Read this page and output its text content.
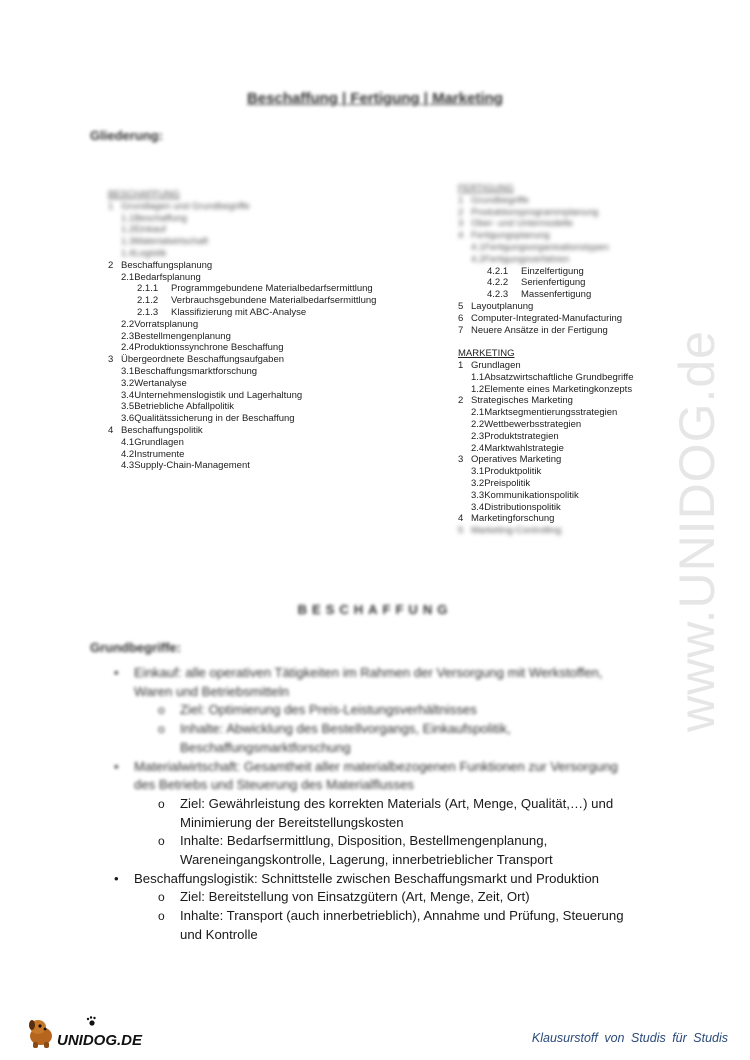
Beschaffung | Fertigung | Marketing
Gliederung:
BESCHAFFUNG
1 Grundlagen und Grundbegriffe
1.1Beschaffung
1.2Einkauf
1.3Materialwirtschaft
1.4Logistik
2 Beschaffungsplanung
2.1Bedarfsplanung
2.1.1 Programmgebundene Materialbedarfsermittlung
2.1.2 Verbrauchsgebundene Materialbedarfsermittlung
2.1.3 Klassifizierung mit ABC-Analyse
2.2Vorratsplanung
2.3Bestellmengenplanung
2.4Produktionssynchrone Beschaffung
3 Übergeordnete Beschaffungsaufgaben
3.1Beschaffungsmarktforschung
3.2Wertanalyse
3.4Unternehmenslogistik und Lagerhaltung
3.5Betriebliche Abfallpolitik
3.6Qualitätssicherung in der Beschaffung
4 Beschaffungspolitik
4.1Grundlagen
4.2Instrumente
4.3Supply-Chain-Management
FERTIGUNG
1 Grundbegriffe
2 Produktionsprogrammplanung
3 Ober- und Untermodelle
4 Fertigungsplanung
4.1Fertigungsorganisationstypen
4.2Fertigungsverfahren
4.2.1 Einzelfertigung
4.2.2 Serienfertigung
4.2.3 Massenfertigung
5 Layoutplanung
6 Computer-Integrated-Manufacturing
7 Neuere Ansätze in der Fertigung

MARKETING
1 Grundlagen
1.1Absatzwirtschaftliche Grundbegriffe
1.2Elemente eines Marketingkonzepts
2 Strategisches Marketing
2.1Marktsegmentierungsstrategien
2.2Wettbewerbsstrategien
2.3Produktstrategien
2.4Marktwahlstrategie
3 Operatives Marketing
3.1Produktpolitik
3.2Preispolitik
3.3Kommunikationspolitik
3.4Distributionspolitik
4 Marketingforschung
5 Marketing-Controlling
BESCHAFFUNG
Grundbegriffe:
• Einkauf: alle operativen Tätigkeiten im Rahmen der Versorgung mit Werkstoffen,
Waren und Betriebsmitteln
o Ziel: Optimierung des Preis-Leistungsverhältnisses
o Inhalte: Abwicklung des Bestellvorgangs, Einkaufspolitik,
Beschaffungsmarktforschung
• Materialwirtschaft: Gesamtheit aller materialbezogenen Funktionen zur Versorgung
des Betriebs und Steuerung des Materialflusses
o Ziel: Gewährleistung des korrekten Materials (Art, Menge, Qualität,…) und
Minimierung der Bereitstellungskosten
o Inhalte: Bedarfsermittlung, Disposition, Bestellmengenplanung,
Wareneingangskontrolle, Lagerung, innerbetrieblicher Transport
• Beschaffungslogistik: Schnittstelle zwischen Beschaffungsmarkt und Produktion
o Ziel: Bereitstellung von Einsatzgütern (Art, Menge, Zeit, Ort)
o Inhalte: Transport (auch innerbetrieblich), Annahme und Prüfung, Steuerung
und Kontrolle
www.UNIDOG.de
UNIDOG.DE	Klausurstoff von Studis für Studis
